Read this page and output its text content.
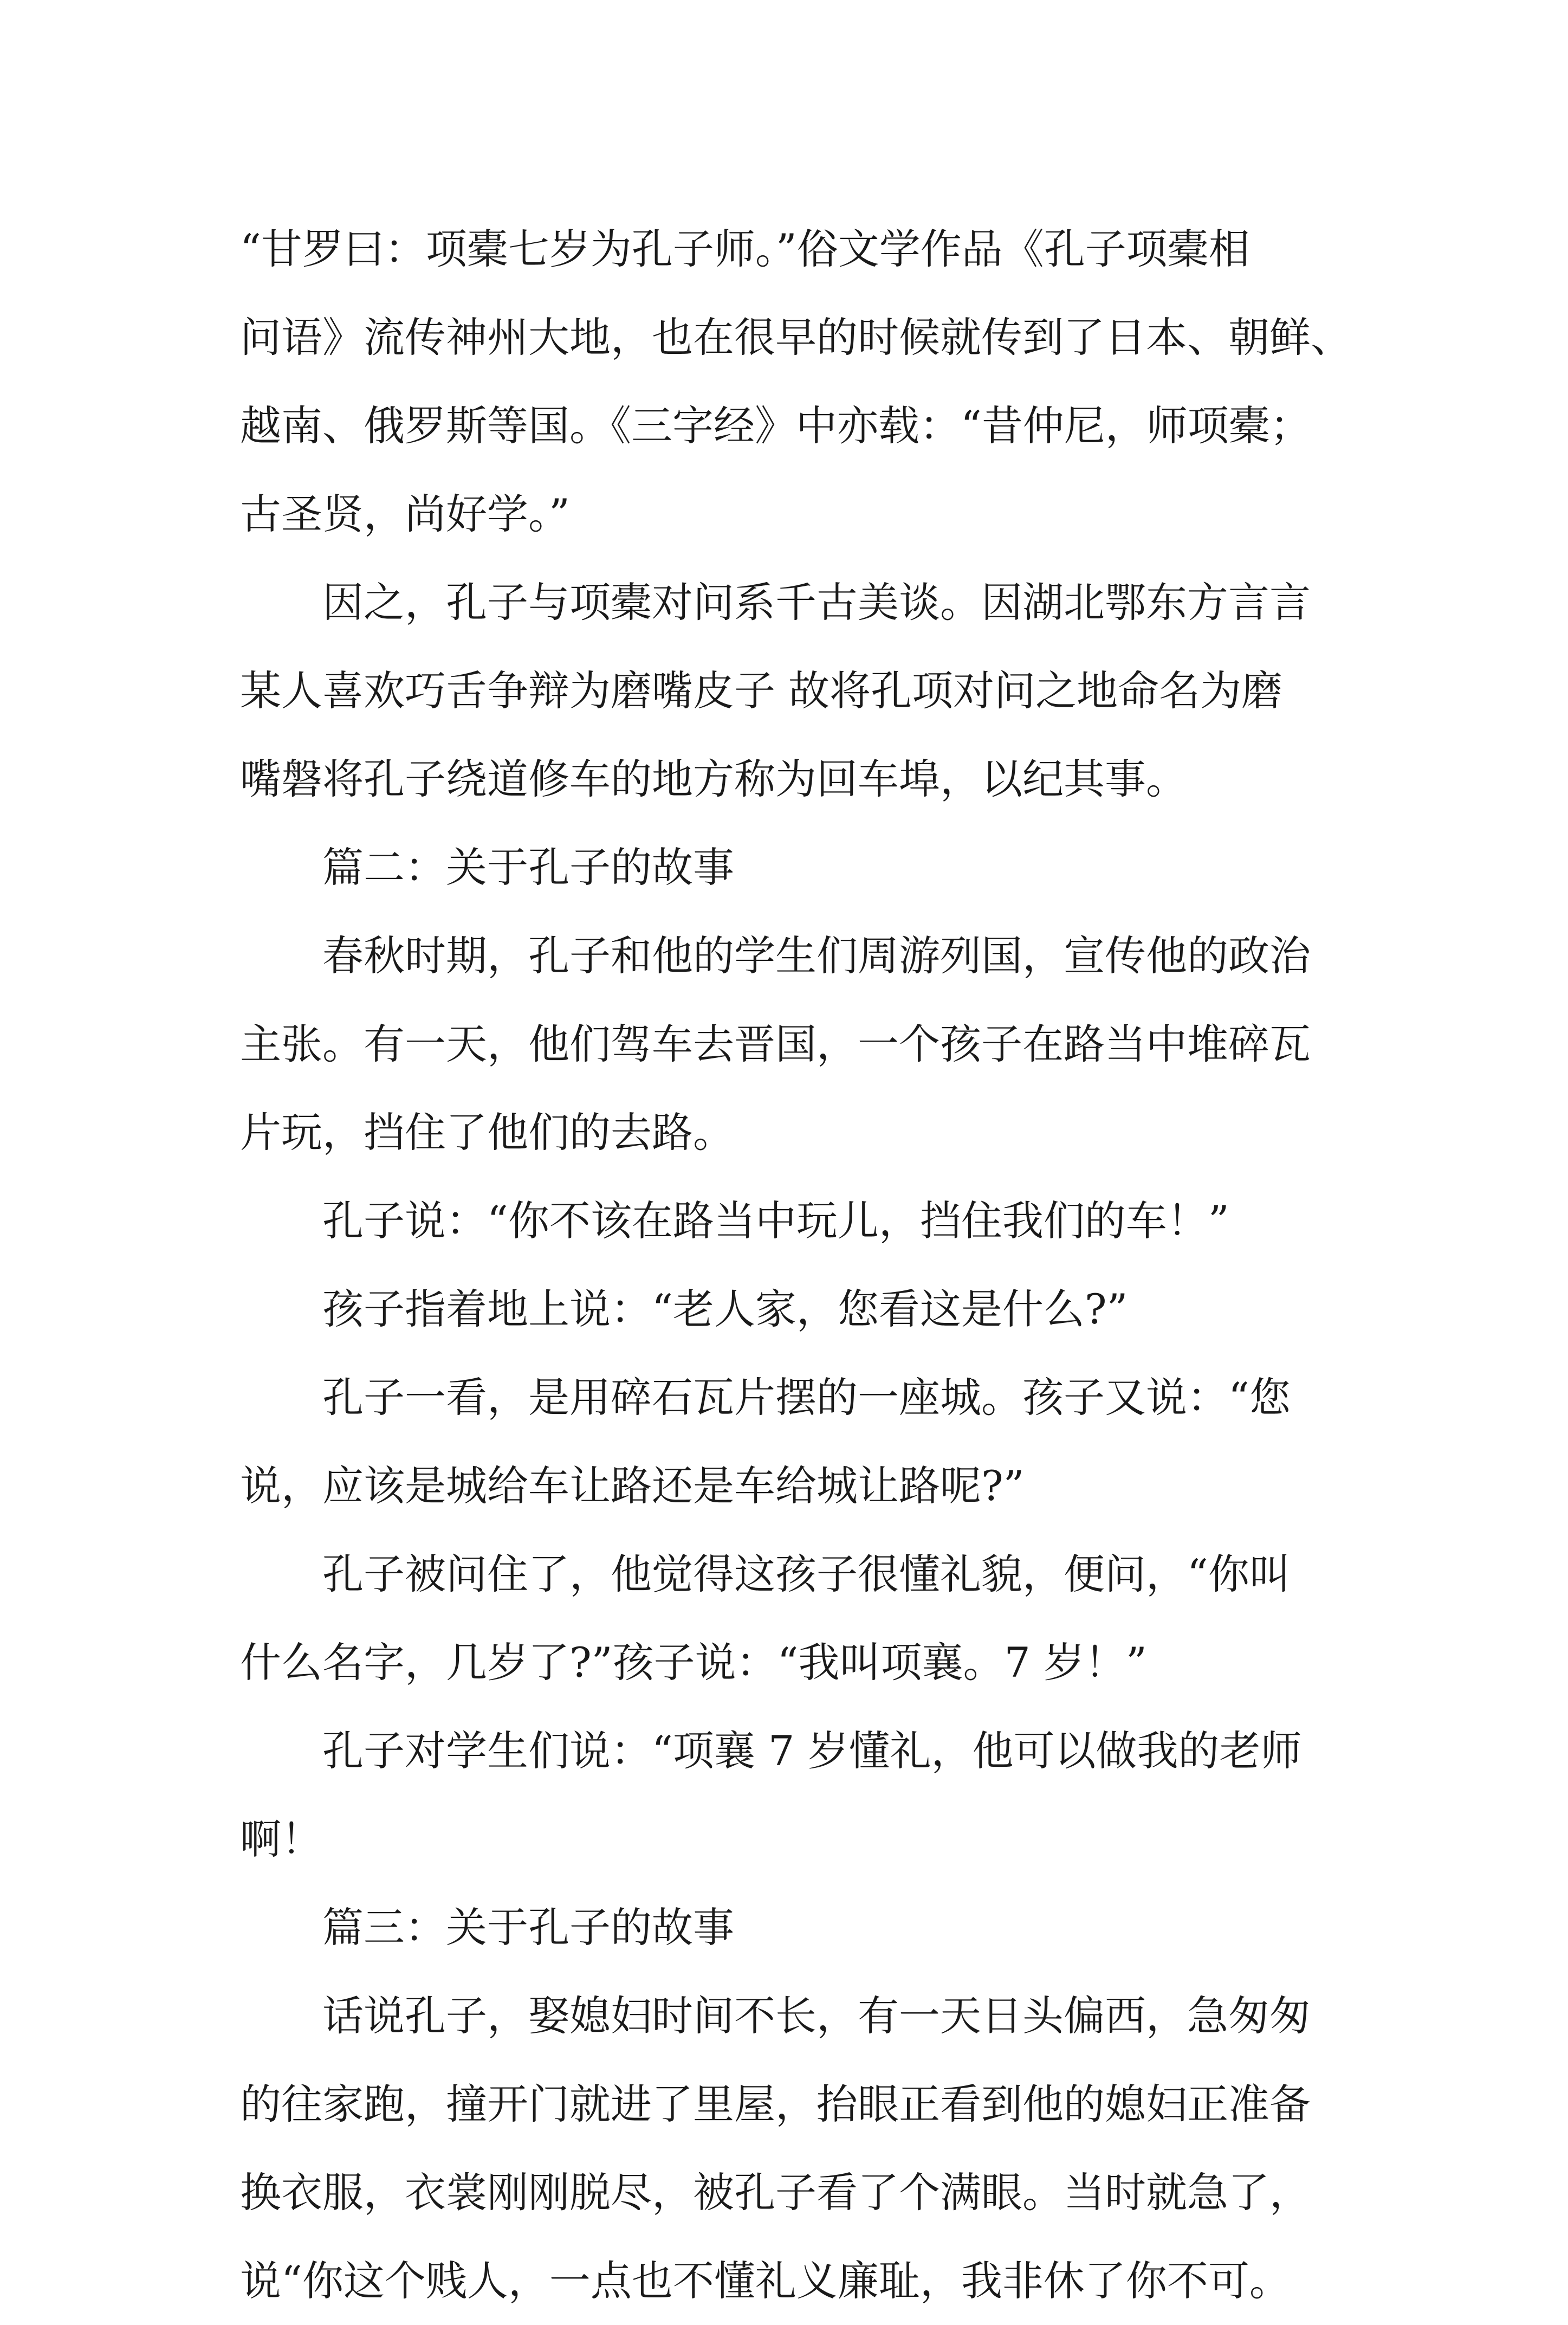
“甘罗曰：项橐七岁为孔子师。”俗文学作品《孔子项橐相
问语》流传神州大地，也在很早的时候就传到了日本、朝鲜、
越南、俄罗斯等国。《三字经》中亦载：“昔仲尼，师项橐；
古圣贤，尚好学。”
因之，孔子与项橐对问系千古美谈。因湖北鄂东方言言
某人喜欢巧舌争辩为磨嘴皮子 故将孔项对问之地命名为磨
嘴磐将孔子绕道修车的地方称为回车埠，以纪其事。
篇二：关于孔子的故事
春秋时期，孔子和他的学生们周游列国，宣传他的政治
主张。有一天，他们驾车去晋国，一个孩子在路当中堆碎瓦
片玩，挡住了他们的去路。
孔子说：“你不该在路当中玩儿，挡住我们的车！”
孩子指着地上说：“老人家，您看这是什么?”
孔子一看，是用碎石瓦片摆的一座城。孩子又说：“您
说，应该是城给车让路还是车给城让路呢?”
孔子被问住了，他觉得这孩子很懂礼貌，便问，“你叫
什么名字，几岁了?”孩子说：“我叫项襄。7 岁！”
孔子对学生们说：“项襄 7 岁懂礼，他可以做我的老师
啊！
篇三：关于孔子的故事
话说孔子，娶媳妇时间不长，有一天日头偏西，急匆匆
的往家跑，撞开门就进了里屋，抬眼正看到他的媳妇正准备
换衣服，衣裳刚刚脱尽，被孔子看了个满眼。当时就急了，
说“你这个贱人，一点也不懂礼义廉耻，我非休了你不可。
